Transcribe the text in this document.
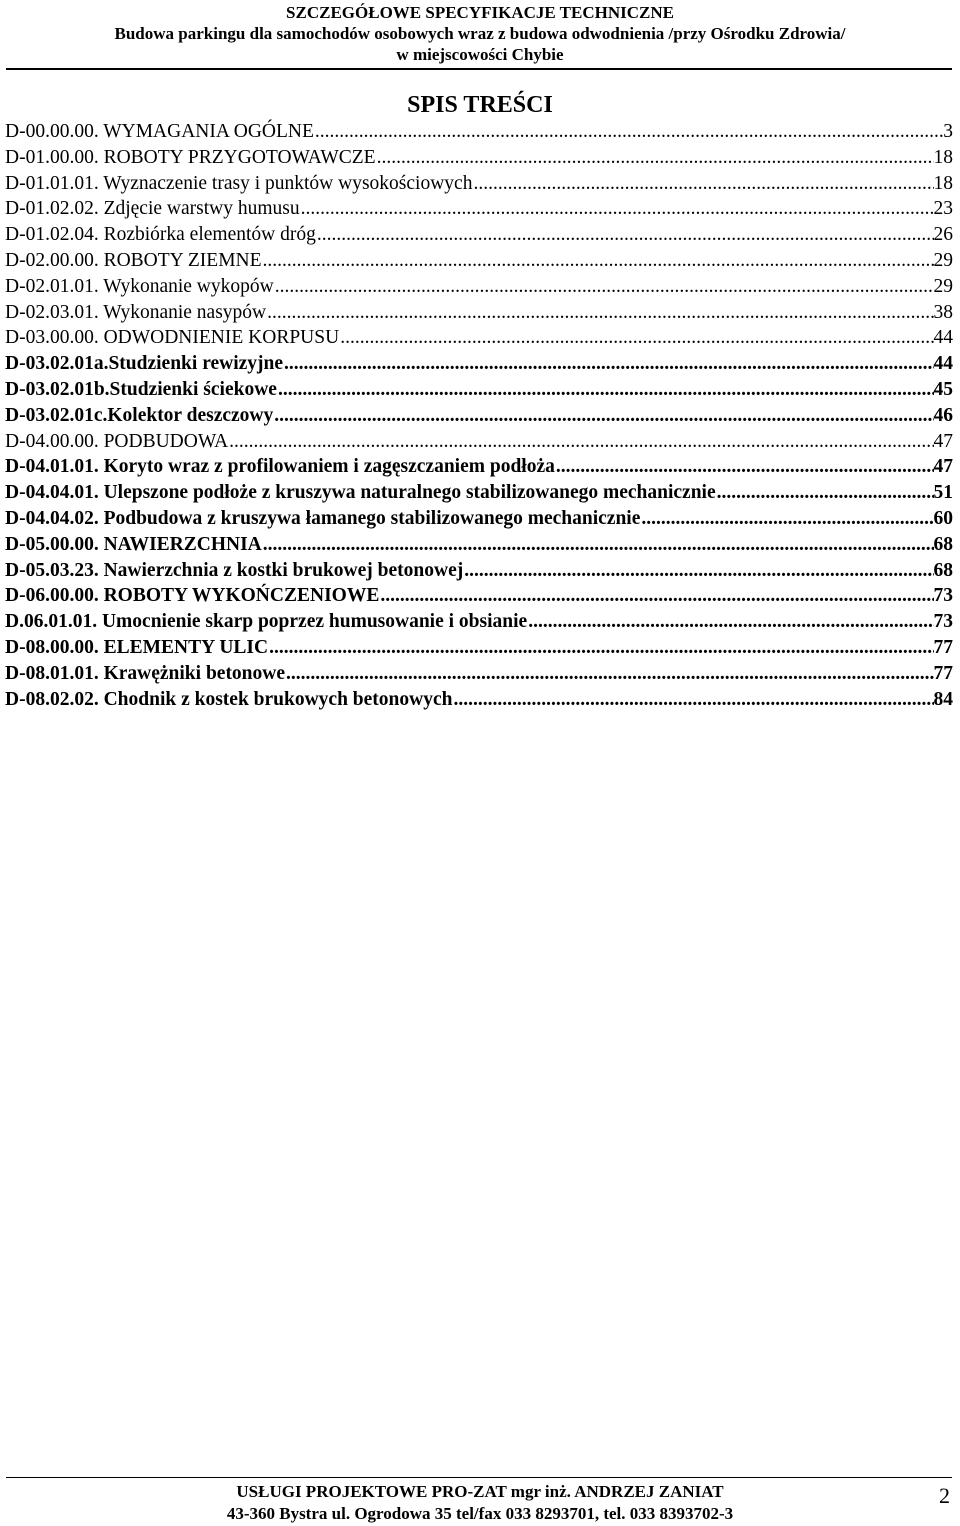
SZCZEGÓŁOWE SPECYFIKACJE TECHNICZNE
Budowa parkingu dla samochodów osobowych wraz z budowa odwodnienia /przy Ośrodku Zdrowia/
w miejscowości Chybie
SPIS TREŚCI
D-00.00.00. WYMAGANIA OGÓLNE .....	3
D-01.00.00. ROBOTY PRZYGOTOWAWCZE .....	18
D-01.01.01. Wyznaczenie trasy i punktów wysokościowych .....	18
D-01.02.02. Zdjęcie warstwy humusu .....	23
D-01.02.04. Rozbiórka elementów dróg .....	26
D-02.00.00. ROBOTY ZIEMNE .....	29
D-02.01.01. Wykonanie wykopów .....	29
D-02.03.01. Wykonanie nasypów .....	38
D-03.00.00. ODWODNIENIE KORPUSU .....	44
D-03.02.01a.Studzienki rewizyjne .....	44
D-03.02.01b.Studzienki ściekowe .....	45
D-03.02.01c.Kolektor deszczowy .....	46
D-04.00.00. PODBUDOWA .....	47
D-04.01.01. Koryto wraz z profilowaniem i zagęszczaniem podłoża .....	47
D-04.04.01. Ulepszone podłoże z kruszywa naturalnego stabilizowanego mechanicznie .....	51
D-04.04.02. Podbudowa z kruszywa łamanego stabilizowanego mechanicznie .....	60
D-05.00.00. NAWIERZCHNIA .....	68
D-05.03.23. Nawierzchnia z kostki brukowej betonowej .....	68
D-06.00.00. ROBOTY WYKOŃCZENIOWE .....	73
D.06.01.01. Umocnienie skarp poprzez humusowanie i obsianie .....	73
D-08.00.00. ELEMENTY ULIC .....	77
D-08.01.01. Krawężniki betonowe .....	77
D-08.02.02. Chodnik z kostek brukowych betonowych .....	84
USŁUGI PROJEKTOWE PRO-ZAT mgr inż. ANDRZEJ ZANIAT
43-360 Bystra ul. Ogrodowa 35 tel/fax 033 8293701, tel. 033 8393702-3
2
